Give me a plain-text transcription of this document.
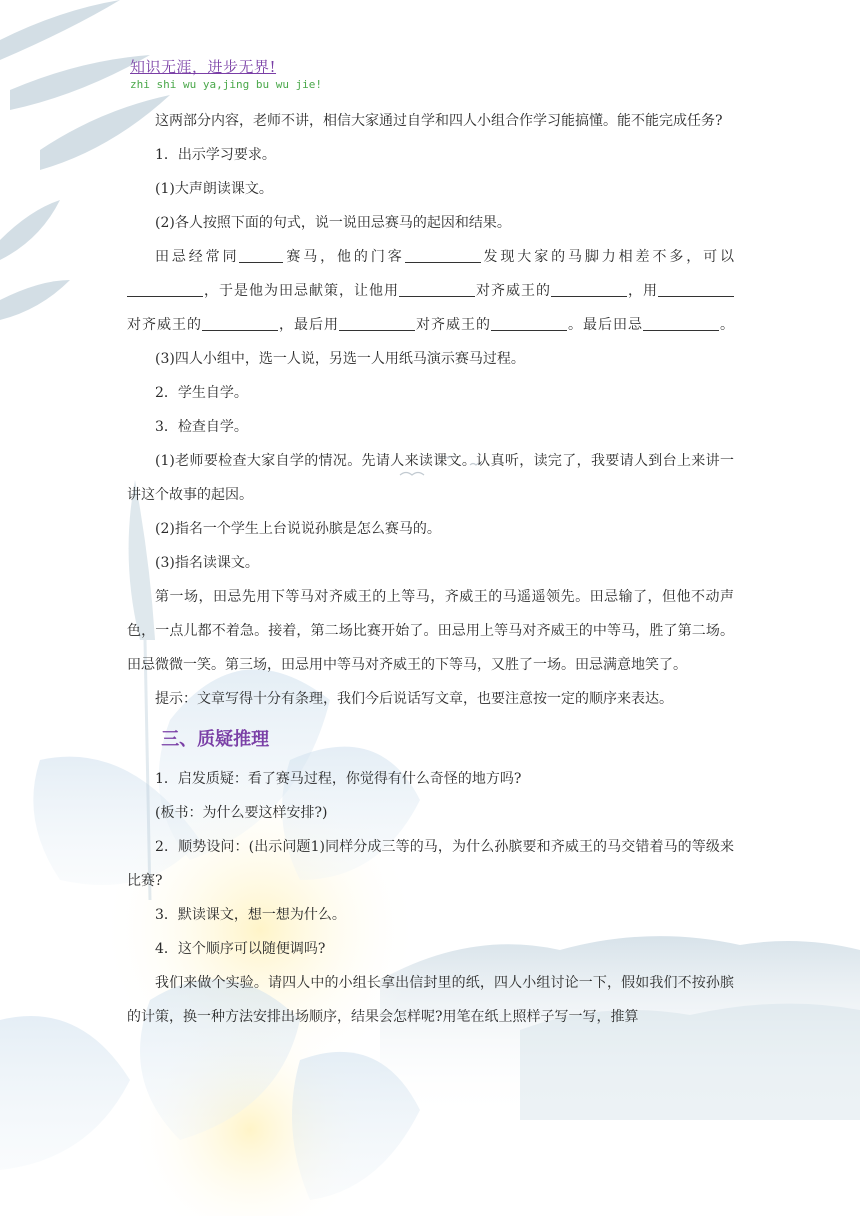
知识无涯，进步无界!
zhi shi wu ya,jing bu wu jie!

这两部分内容，老师不讲，相信大家通过自学和四人小组合作学习能搞懂。能不能完成任务?

1．出示学习要求。

(1)大声朗读课文。

(2)各人按照下面的句式，说一说田忌赛马的起因和结果。

田忌经常同	赛马，他的门客	发现大家的马脚力相差不多，可以
，于是他为田忌献策，让他用	对齐威王的	，用
对齐威王的	，最后用	对齐威王的	。最后田忌	。

(3)四人小组中，选一人说，另选一人用纸马演示赛马过程。

2．学生自学。

3．检查自学。

(1)老师要检查大家自学的情况。先请人来读课文。认真听，读完了，我要请人到台上来讲一讲这个故事的起因。

(2)指名一个学生上台说说孙膑是怎么赛马的。

(3)指名读课文。

第一场，田忌先用下等马对齐威王的上等马，齐威王的马遥遥领先。田忌输了，但他不动声色，一点儿都不着急。接着，第二场比赛开始了。田忌用上等马对齐威王的中等马，胜了第二场。田忌微微一笑。第三场，田忌用中等马对齐威王的下等马，又胜了一场。田忌满意地笑了。

提示：文章写得十分有条理，我们今后说话写文章，也要注意按一定的顺序来表达。

三、质疑推理

1．启发质疑：看了赛马过程，你觉得有什么奇怪的地方吗?

(板书：为什么要这样安排?)

2．顺势设问：(出示问题1)同样分成三等的马，为什么孙膑要和齐威王的马交错着马的等级来比赛?

3．默读课文，想一想为什么。

4．这个顺序可以随便调吗?

我们来做个实验。请四人中的小组长拿出信封里的纸，四人小组讨论一下，假如我们不按孙膑的计策，换一种方法安排出场顺序，结果会怎样呢?用笔在纸上照样子写一写，推算
